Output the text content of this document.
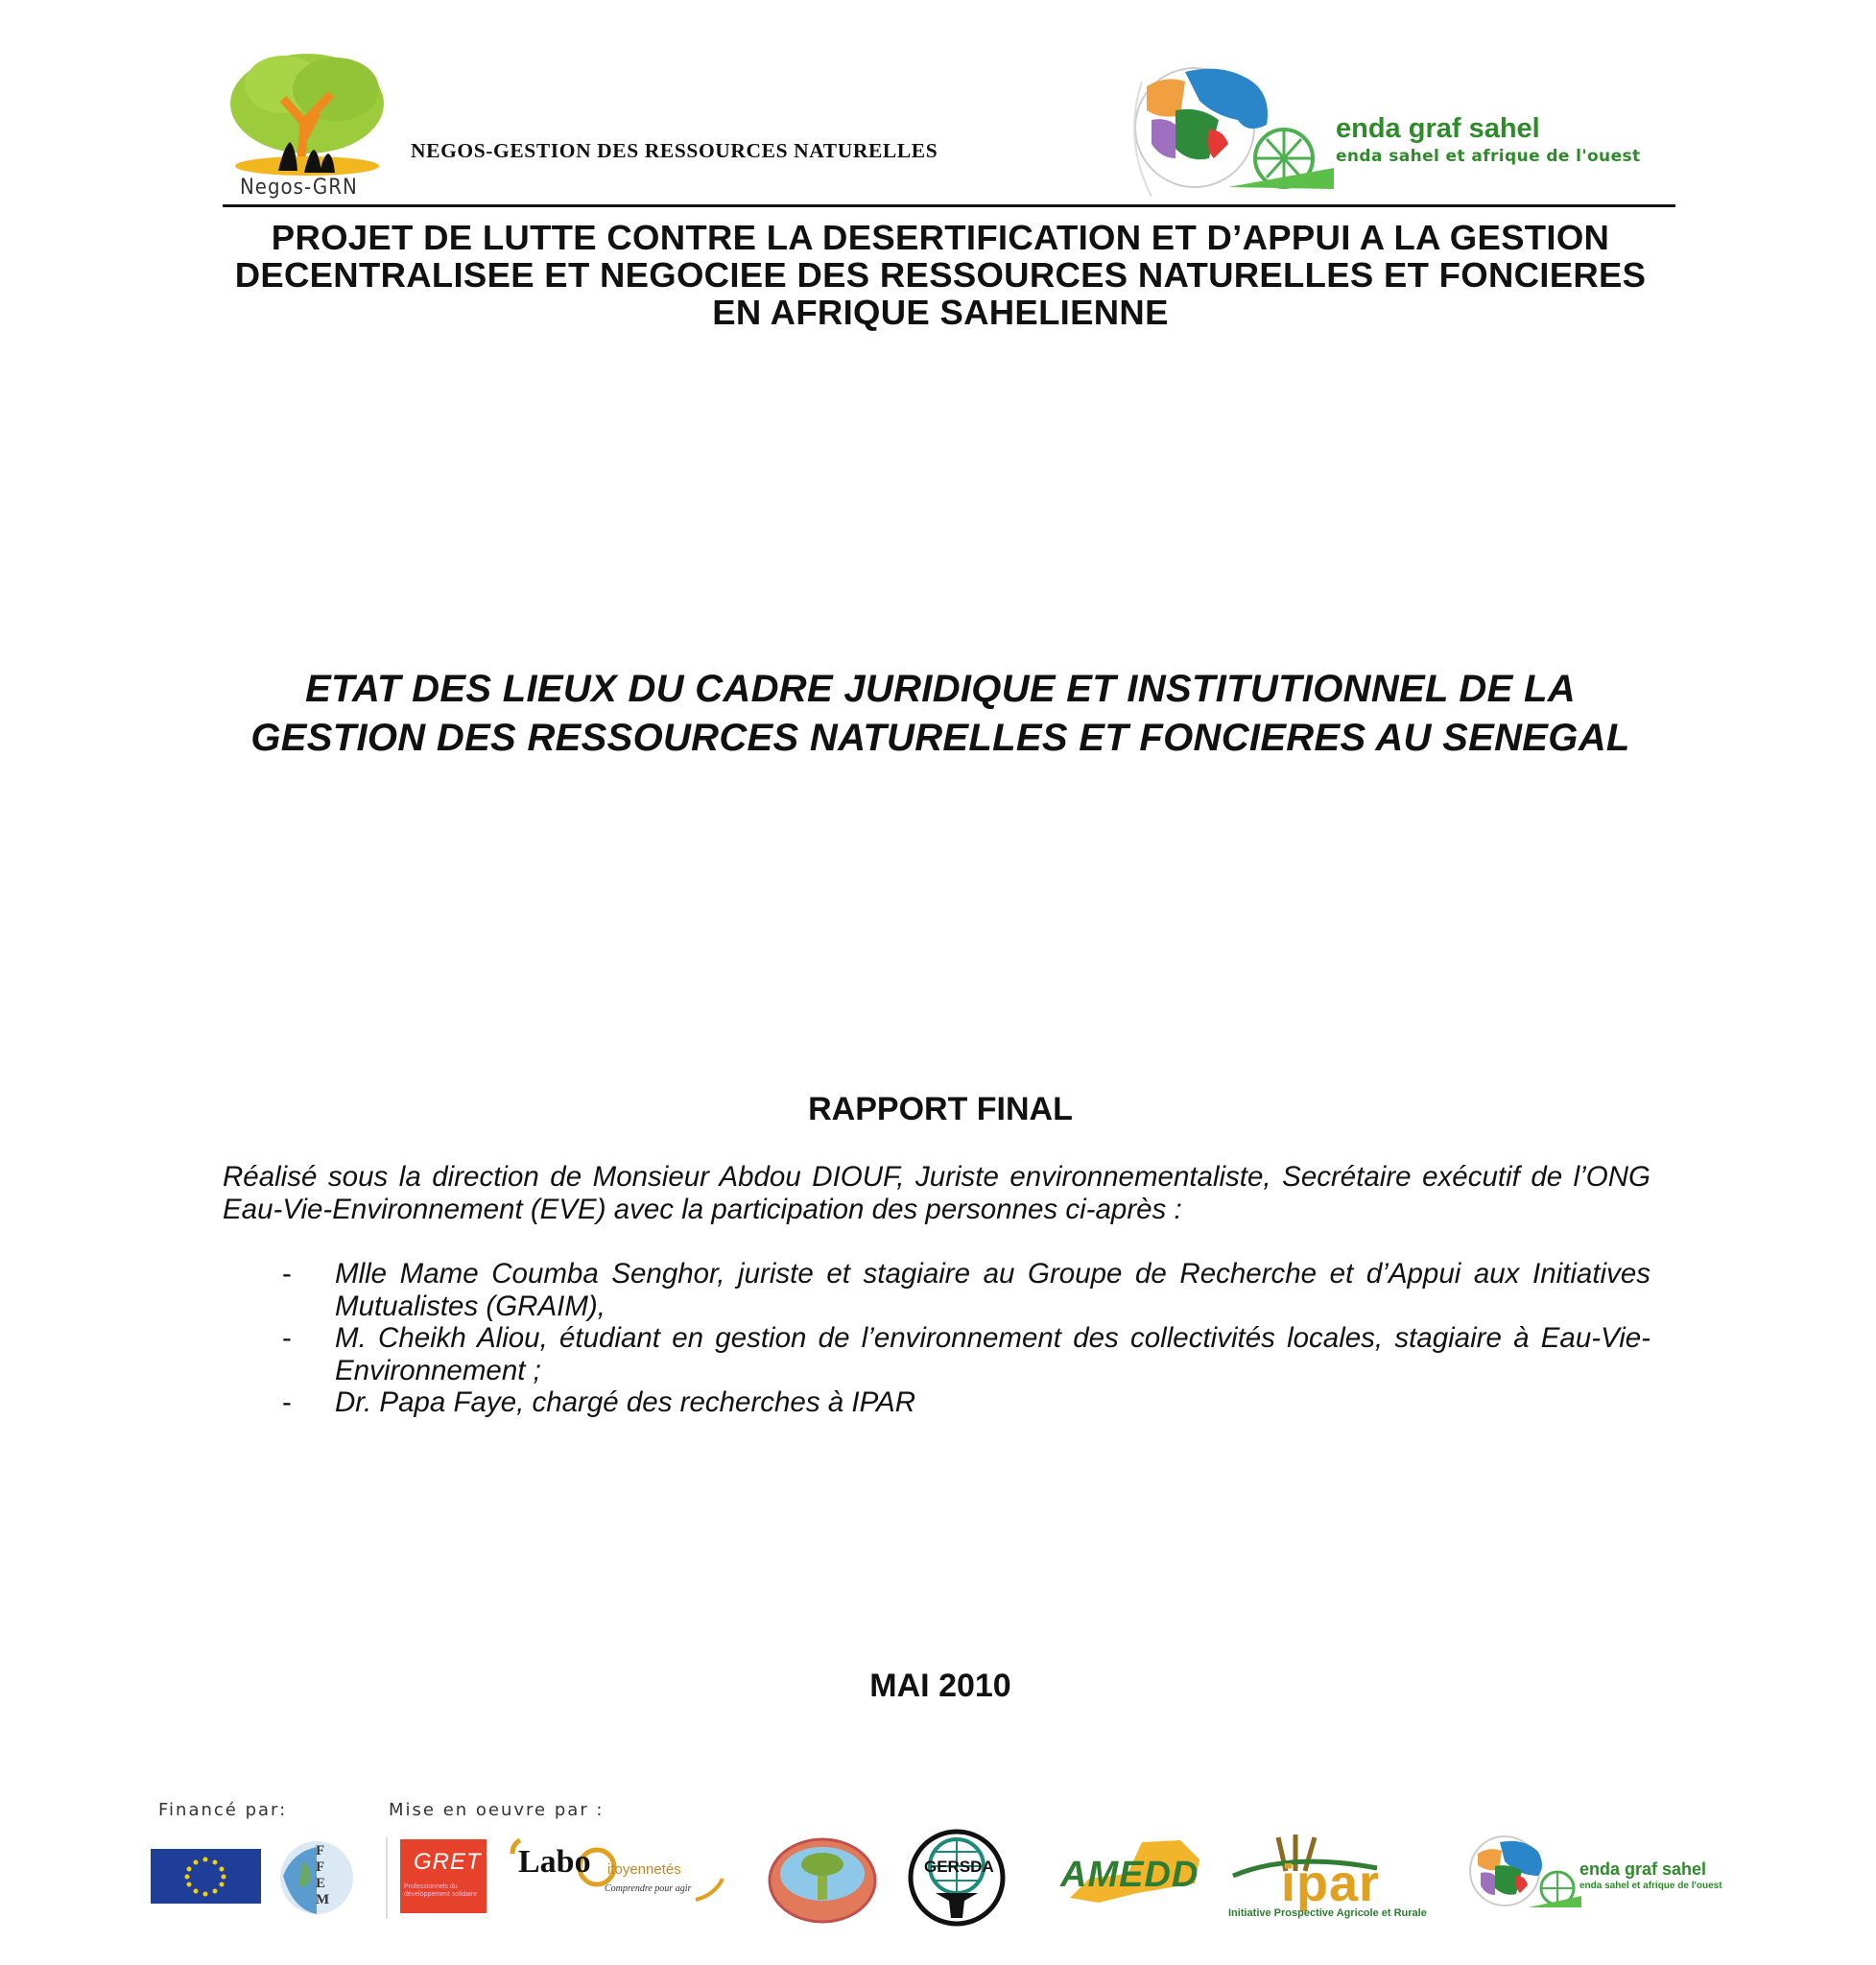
Negos-GRN
NEGOS-GESTION DES RESSOURCES NATURELLES
enda graf sahel
enda sahel et afrique de l'ouest
PROJET DE LUTTE CONTRE LA DESERTIFICATION ET D’APPUI A LA GESTION DECENTRALISEE ET NEGOCIEE DES RESSOURCES NATURELLES ET FONCIERES EN AFRIQUE SAHELIENNE
ETAT DES LIEUX DU CADRE JURIDIQUE ET INSTITUTIONNEL DE LA GESTION DES RESSOURCES NATURELLES ET FONCIERES AU SENEGAL
RAPPORT FINAL
Réalisé sous la direction de Monsieur Abdou DIOUF, Juriste environnementaliste, Secrétaire exécutif de l’ONG Eau-Vie-Environnement (EVE) avec la participation des personnes ci-après :
- Mlle Mame Coumba Senghor, juriste et stagiaire au Groupe de Recherche et d’Appui aux Initiatives Mutualistes (GRAIM),
- M. Cheikh Aliou, étudiant en gestion de l’environnement des collectivités locales, stagiaire à Eau-Vie-Environnement ;
- Dr. Papa Faye, chargé des recherches à IPAR
MAI 2010
Financé par:	Mise en oeuvre par :
FFEM
GRET
Professionnels du développement solidaire
Labo itoyennetés
Comprendre pour agir
GERSDA AMEDD ipar
Initiative Prospective Agricole et Rurale
enda graf sahel
enda sahel et afrique de l'ouest
